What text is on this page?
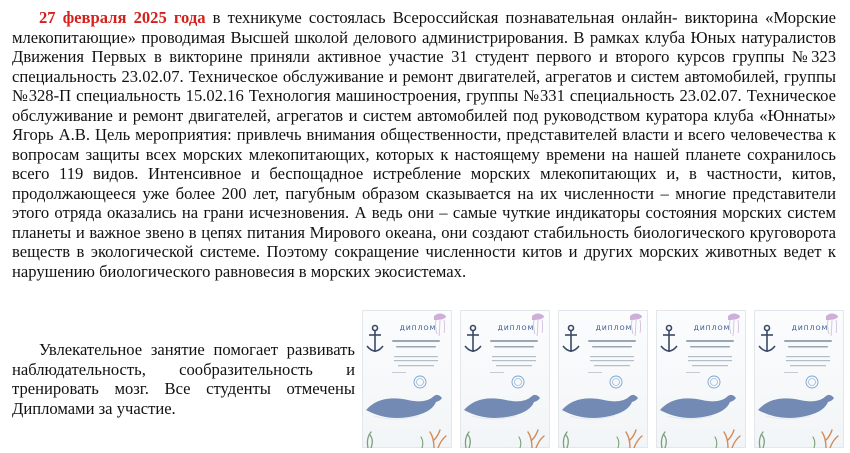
27 февраля 2025 года в техникуме состоялась Всероссийская познавательная онлайн- викторина «Морские млекопитающие» проводимая Высшей школой делового администрирования. В рамках клуба Юных натуралистов Движения Первых в викторине приняли активное участие 31 студент первого и второго курсов группы №323 специальность 23.02.07. Техническое обслуживание и ремонт двигателей, агрегатов и систем автомобилей, группы №328-П специальность 15.02.16 Технология машиностроения, группы №331 специальность 23.02.07. Техническое обслуживание и ремонт двигателей, агрегатов и систем автомобилей под руководством куратора клуба «Юннаты» Ягорь А.В. Цель мероприятия: привлечь внимания общественности, представителей власти и всего человечества к вопросам защиты всех морских млекопитающих, которых к настоящему времени на нашей планете сохранилось всего 119 видов. Интенсивное и беспощадное истребление морских млекопитающих и, в частности, китов, продолжающееся уже более 200 лет, пагубным образом сказывается на их численности – многие представители этого отряда оказались на грани исчезновения. А ведь они – самые чуткие индикаторы состояния морских систем планеты и важное звено в цепях питания Мирового океана, они создают стабильность биологического круговорота веществ в экологической системе. Поэтому сокращение численности китов и других морских животных ведет к нарушению биологического равновесия в морских экосистемах.

Увлекательное занятие помогает развивать наблюдательность, сообразительность и тренировать мозг. Все студенты отмечены Дипломами за участие.

ДИПЛОМ	ДИПЛОМ	ДИПЛОМ	ДИПЛОМ	ДИПЛОМ
